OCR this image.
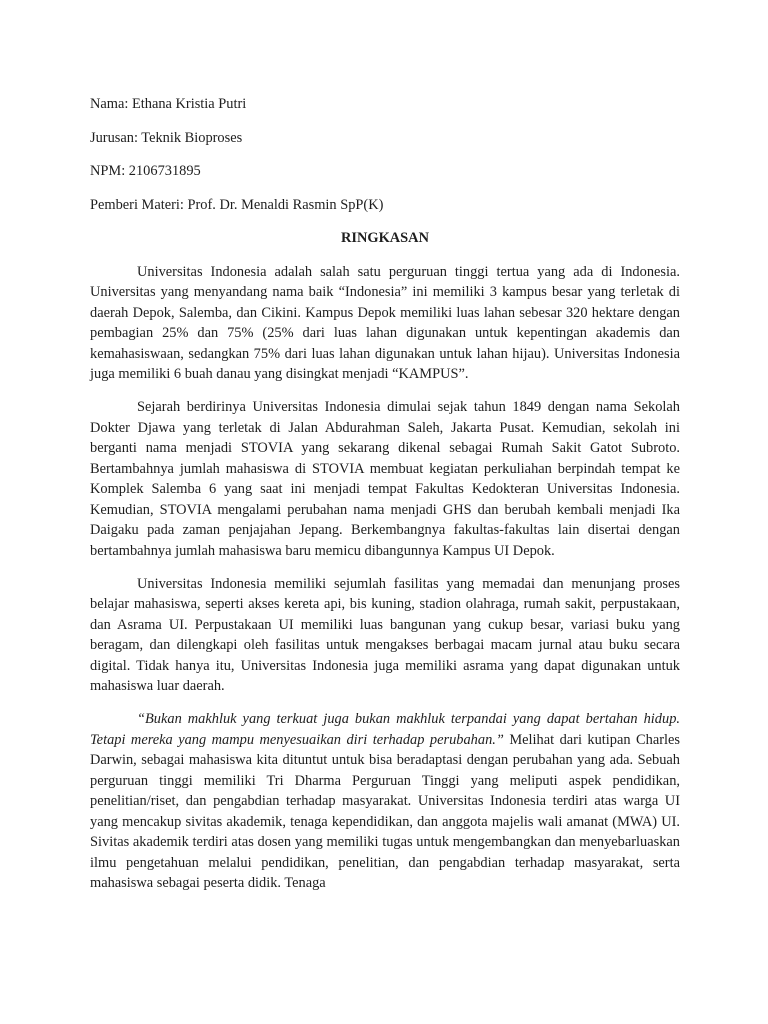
Nama: Ethana Kristia Putri

Jurusan: Teknik Bioproses

NPM: 2106731895

Pemberi Materi: Prof. Dr. Menaldi Rasmin SpP(K)

RINGKASAN

Universitas Indonesia adalah salah satu perguruan tinggi tertua yang ada di Indonesia. Universitas yang menyandang nama baik “Indonesia” ini memiliki 3 kampus besar yang terletak di daerah Depok, Salemba, dan Cikini. Kampus Depok memiliki luas lahan sebesar 320 hektare dengan pembagian 25% dan 75% (25% dari luas lahan digunakan untuk kepentingan akademis dan kemahasiswaan, sedangkan 75% dari luas lahan digunakan untuk lahan hijau). Universitas Indonesia juga memiliki 6 buah danau yang disingkat menjadi “KAMPUS”.

Sejarah berdirinya Universitas Indonesia dimulai sejak tahun 1849 dengan nama Sekolah Dokter Djawa yang terletak di Jalan Abdurahman Saleh, Jakarta Pusat. Kemudian, sekolah ini berganti nama menjadi STOVIA yang sekarang dikenal sebagai Rumah Sakit Gatot Subroto. Bertambahnya jumlah mahasiswa di STOVIA membuat kegiatan perkuliahan berpindah tempat ke Komplek Salemba 6 yang saat ini menjadi tempat Fakultas Kedokteran Universitas Indonesia. Kemudian, STOVIA mengalami perubahan nama menjadi GHS dan berubah kembali menjadi Ika Daigaku pada zaman penjajahan Jepang. Berkembangnya fakultas-fakultas lain disertai dengan bertambahnya jumlah mahasiswa baru memicu dibangunnya Kampus UI Depok.

Universitas Indonesia memiliki sejumlah fasilitas yang memadai dan menunjang proses belajar mahasiswa, seperti akses kereta api, bis kuning, stadion olahraga, rumah sakit, perpustakaan, dan Asrama UI. Perpustakaan UI memiliki luas bangunan yang cukup besar, variasi buku yang beragam, dan dilengkapi oleh fasilitas untuk mengakses berbagai macam jurnal atau buku secara digital. Tidak hanya itu, Universitas Indonesia juga memiliki asrama yang dapat digunakan untuk mahasiswa luar daerah.

“Bukan makhluk yang terkuat juga bukan makhluk terpandai yang dapat bertahan hidup. Tetapi mereka yang mampu menyesuaikan diri terhadap perubahan.” Melihat dari kutipan Charles Darwin, sebagai mahasiswa kita dituntut untuk bisa beradaptasi dengan perubahan yang ada. Sebuah perguruan tinggi memiliki Tri Dharma Perguruan Tinggi yang meliputi aspek pendidikan, penelitian/riset, dan pengabdian terhadap masyarakat. Universitas Indonesia terdiri atas warga UI yang mencakup sivitas akademik, tenaga kependidikan, dan anggota majelis wali amanat (MWA) UI. Sivitas akademik terdiri atas dosen yang memiliki tugas untuk mengembangkan dan menyebarluaskan ilmu pengetahuan melalui pendidikan, penelitian, dan pengabdian terhadap masyarakat, serta mahasiswa sebagai peserta didik. Tenaga
